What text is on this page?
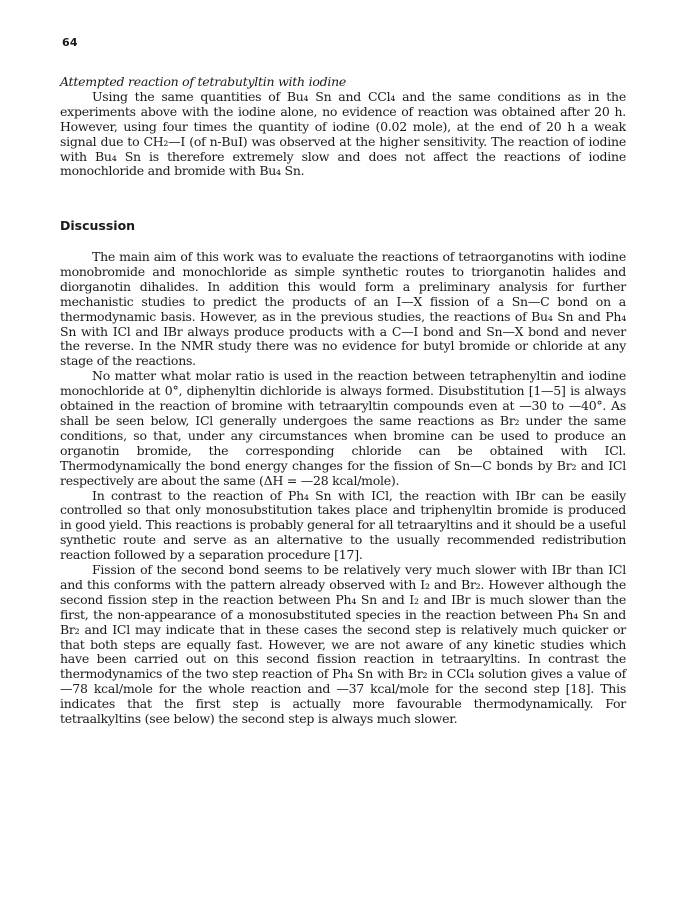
64

Attempted reaction of tetrabutyltin with iodine

Using the same quantities of Bu₄ Sn and CCl₄ and the same conditions as in the experiments above with the iodine alone, no evidence of reaction was obtained after 20 h. However, using four times the quantity of iodine (0.02 mole), at the end of 20 h a weak signal due to CH₂—I (of n-BuI) was observed at the higher sensitivity. The reaction of iodine with Bu₄ Sn is therefore extremely slow and does not affect the reactions of iodine monochloride and bromide with Bu₄ Sn.

Discussion

The main aim of this work was to evaluate the reactions of tetraorganotins with iodine monobromide and monochloride as simple synthetic routes to triorganotin halides and diorganotin dihalides. In addition this would form a preliminary analysis for further mechanistic studies to predict the products of an I—X fission of a Sn—C bond on a thermodynamic basis. However, as in the previous studies, the reactions of Bu₄ Sn and Ph₄ Sn with ICl and IBr always produce products with a C—I bond and Sn—X bond and never the reverse. In the NMR study there was no evidence for butyl bromide or chloride at any stage of the reactions.

No matter what molar ratio is used in the reaction between tetraphenyltin and iodine monochloride at 0°, diphenyltin dichloride is always formed. Disubstitution [1—5] is always obtained in the reaction of bromine with tetraaryltin compounds even at —30 to —40°. As shall be seen below, ICl generally undergoes the same reactions as Br₂ under the same conditions, so that, under any circumstances when bromine can be used to produce an organotin bromide, the corresponding chloride can be obtained with ICl. Thermodynamically the bond energy changes for the fission of Sn—C bonds by Br₂ and ICl respectively are about the same (ΔH = —28 kcal/mole).

In contrast to the reaction of Ph₄ Sn with ICl, the reaction with IBr can be easily controlled so that only monosubstitution takes place and triphenyltin bromide is produced in good yield. This reactions is probably general for all tetraaryltins and it should be a useful synthetic route and serve as an alternative to the usually recommended redistribution reaction followed by a separation procedure [17].

Fission of the second bond seems to be relatively very much slower with IBr than ICl and this conforms with the pattern already observed with I₂ and Br₂. However although the second fission step in the reaction between Ph₄ Sn and I₂ and IBr is much slower than the first, the non-appearance of a monosubstituted species in the reaction between Ph₄ Sn and Br₂ and ICl may indicate that in these cases the second step is relatively much quicker or that both steps are equally fast. However, we are not aware of any kinetic studies which have been carried out on this second fission reaction in tetraaryltins. In contrast the thermodynamics of the two step reaction of Ph₄ Sn with Br₂ in CCl₄ solution gives a value of —78 kcal/mole for the whole reaction and —37 kcal/mole for the second step [18]. This indicates that the first step is actually more favourable thermodynamically. For tetraalkyltins (see below) the second step is always much slower.
